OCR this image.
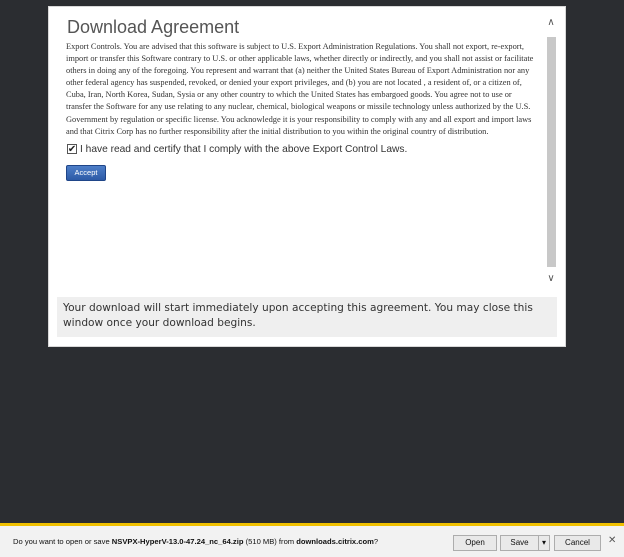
Download Agreement

Export Controls. You are advised that this software is subject to U.S. Export Administration Regulations. You shall not export, re-export, import or transfer this Software contrary to U.S. or other applicable laws, whether directly or indirectly, and you shall not assist or facilitate others in doing any of the foregoing. You represent and warrant that (a) neither the United States Bureau of Export Administration nor any other federal agency has suspended, revoked, or denied your export privileges, and (b) you are not located , a resident of, or a citizen of, Cuba, Iran, North Korea, Sudan, Sysia or any other country to which the United States has embargoed goods. You agree not to use or transfer the Software for any use relating to any nuclear, chemical, biological weapons or missile technology unless authorized by the U.S. Government by regulation or specific license. You acknowledge it is your responsibility to comply with any and all export and import laws and that Citrix Corp has no further responsibility after the initial distribution to you within the original country of distribution.

✔ I have read and certify that I comply with the above Export Control Laws.
Accept
∧
∨
Your download will start immediately upon accepting this agreement. You may close this window once your download begins.
Do you want to open or save NSVPX-HyperV-13.0-47.24_nc_64.zip (510 MB) from downloads.citrix.com?	Open	Save	▾	Cancel	✕
